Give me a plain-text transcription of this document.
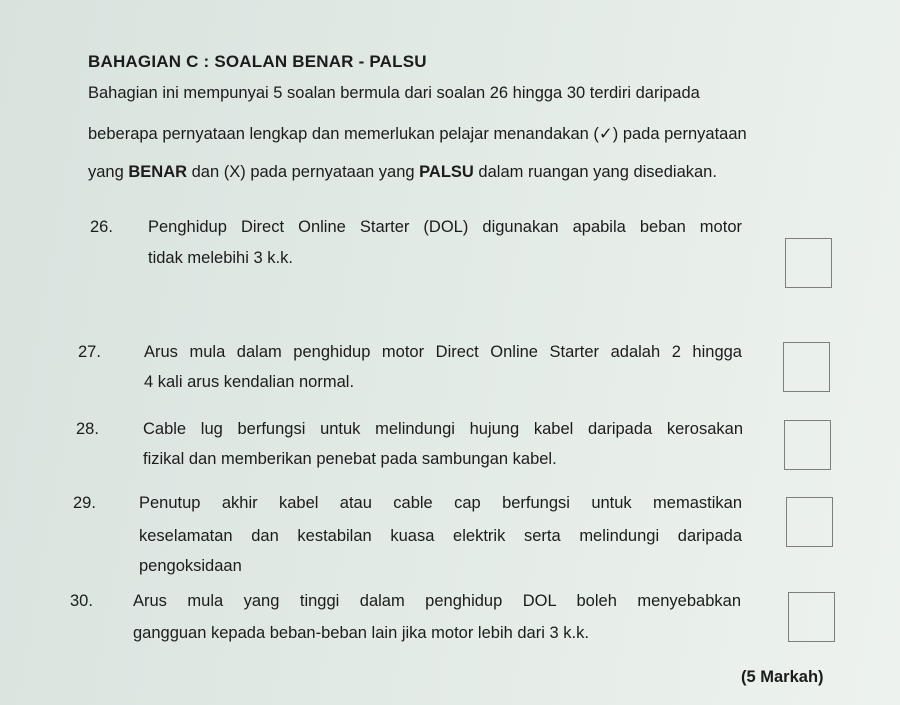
BAHAGIAN C : SOALAN BENAR - PALSU
Bahagian ini mempunyai 5 soalan bermula dari soalan 26 hingga 30 terdiri daripada
beberapa pernyataan lengkap dan memerlukan pelajar menandakan (✓) pada pernyataan
yang BENAR dan (X) pada pernyataan yang PALSU dalam ruangan yang disediakan.
26. Penghidup Direct Online Starter (DOL) digunakan apabila beban motor
tidak melebihi 3 k.k.
27.	Arus mula dalam penghidup motor Direct Online Starter adalah 2 hingga
4 kali arus kendalian normal.
28.	Cable lug berfungsi untuk melindungi hujung kabel daripada kerosakan
fizikal dan memberikan penebat pada sambungan kabel.
29.	Penutup akhir kabel atau cable cap berfungsi untuk memastikan
keselamatan dan kestabilan kuasa elektrik serta melindungi daripada
pengoksidaan
30. Arus mula yang tinggi dalam penghidup DOL boleh menyebabkan
gangguan kepada beban-beban lain jika motor lebih dari 3 k.k.
(5 Markah)
